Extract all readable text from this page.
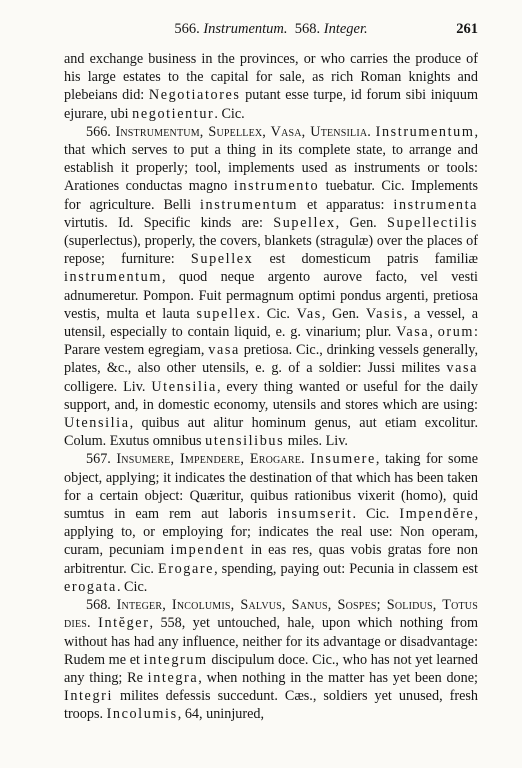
566. Instrumentum. 568. Integer.	261

and exchange business in the provinces, or who carries the produce of his large estates to the capital for sale, as rich Roman knights and plebeians did: Negotiatores putant esse turpe, id forum sibi iniquum ejurare, ubi negotientur. Cic.

566. Instrumentum, Supellex, Vasa, Utensilia. Instrumentum, that which serves to put a thing in its complete state, to arrange and establish it properly; tool, implements used as instruments or tools: Arationes conductas magno instrumento tuebatur. Cic. Implements for agriculture. Belli instrumentum et apparatus: instrumenta virtutis. Id. Specific kinds are: Supellex, Gen. Supellectilis (superlectus), properly, the covers, blankets (stragulæ) over the places of repose; furniture: Supellex est domesticum patris familiæ instrumentum, quod neque argento aurove facto, vel vesti adnumeretur. Pompon. Fuit permagnum optimi pondus argenti, pretiosa vestis, multa et lauta supellex. Cic. Vas, Gen. Vasis, a vessel, a utensil, especially to contain liquid, e. g. vinarium; plur. Vasa, orum: Parare vestem egregiam, vasa pretiosa. Cic., drinking vessels generally, plates, &c., also other utensils, e. g. of a soldier: Jussi milites vasa colligere. Liv. Utensilia, every thing wanted or useful for the daily support, and, in domestic economy, utensils and stores which are using: Utensilia, quibus aut alitur hominum genus, aut etiam excolitur. Colum. Exutus omnibus utensilibus miles. Liv.

567. Insumere, Impendere, Erogare. Insumere, taking for some object, applying; it indicates the destination of that which has been taken for a certain object: Quæritur, quibus rationibus vixerit (homo), quid sumtus in eam rem aut laboris insumserit. Cic. Impendĕre, applying to, or employing for; indicates the real use: Non operam, curam, pecuniam impendent in eas res, quas vobis gratas fore non arbitrentur. Cic. Erogare, spending, paying out: Pecunia in classem est erogata. Cic.

568. Integer, Incolumis, Salvus, Sanus, Sospes; Solidus, Totus dies. Intĕger, 558, yet untouched, hale, upon which nothing from without has had any influence, neither for its advantage or disadvantage: Rudem me et integrum discipulum doce. Cic., who has not yet learned any thing; Re integra, when nothing in the matter has yet been done; Integri milites defessis succedunt. Cæs., soldiers yet unused, fresh troops. Incolumis, 64, uninjured,
